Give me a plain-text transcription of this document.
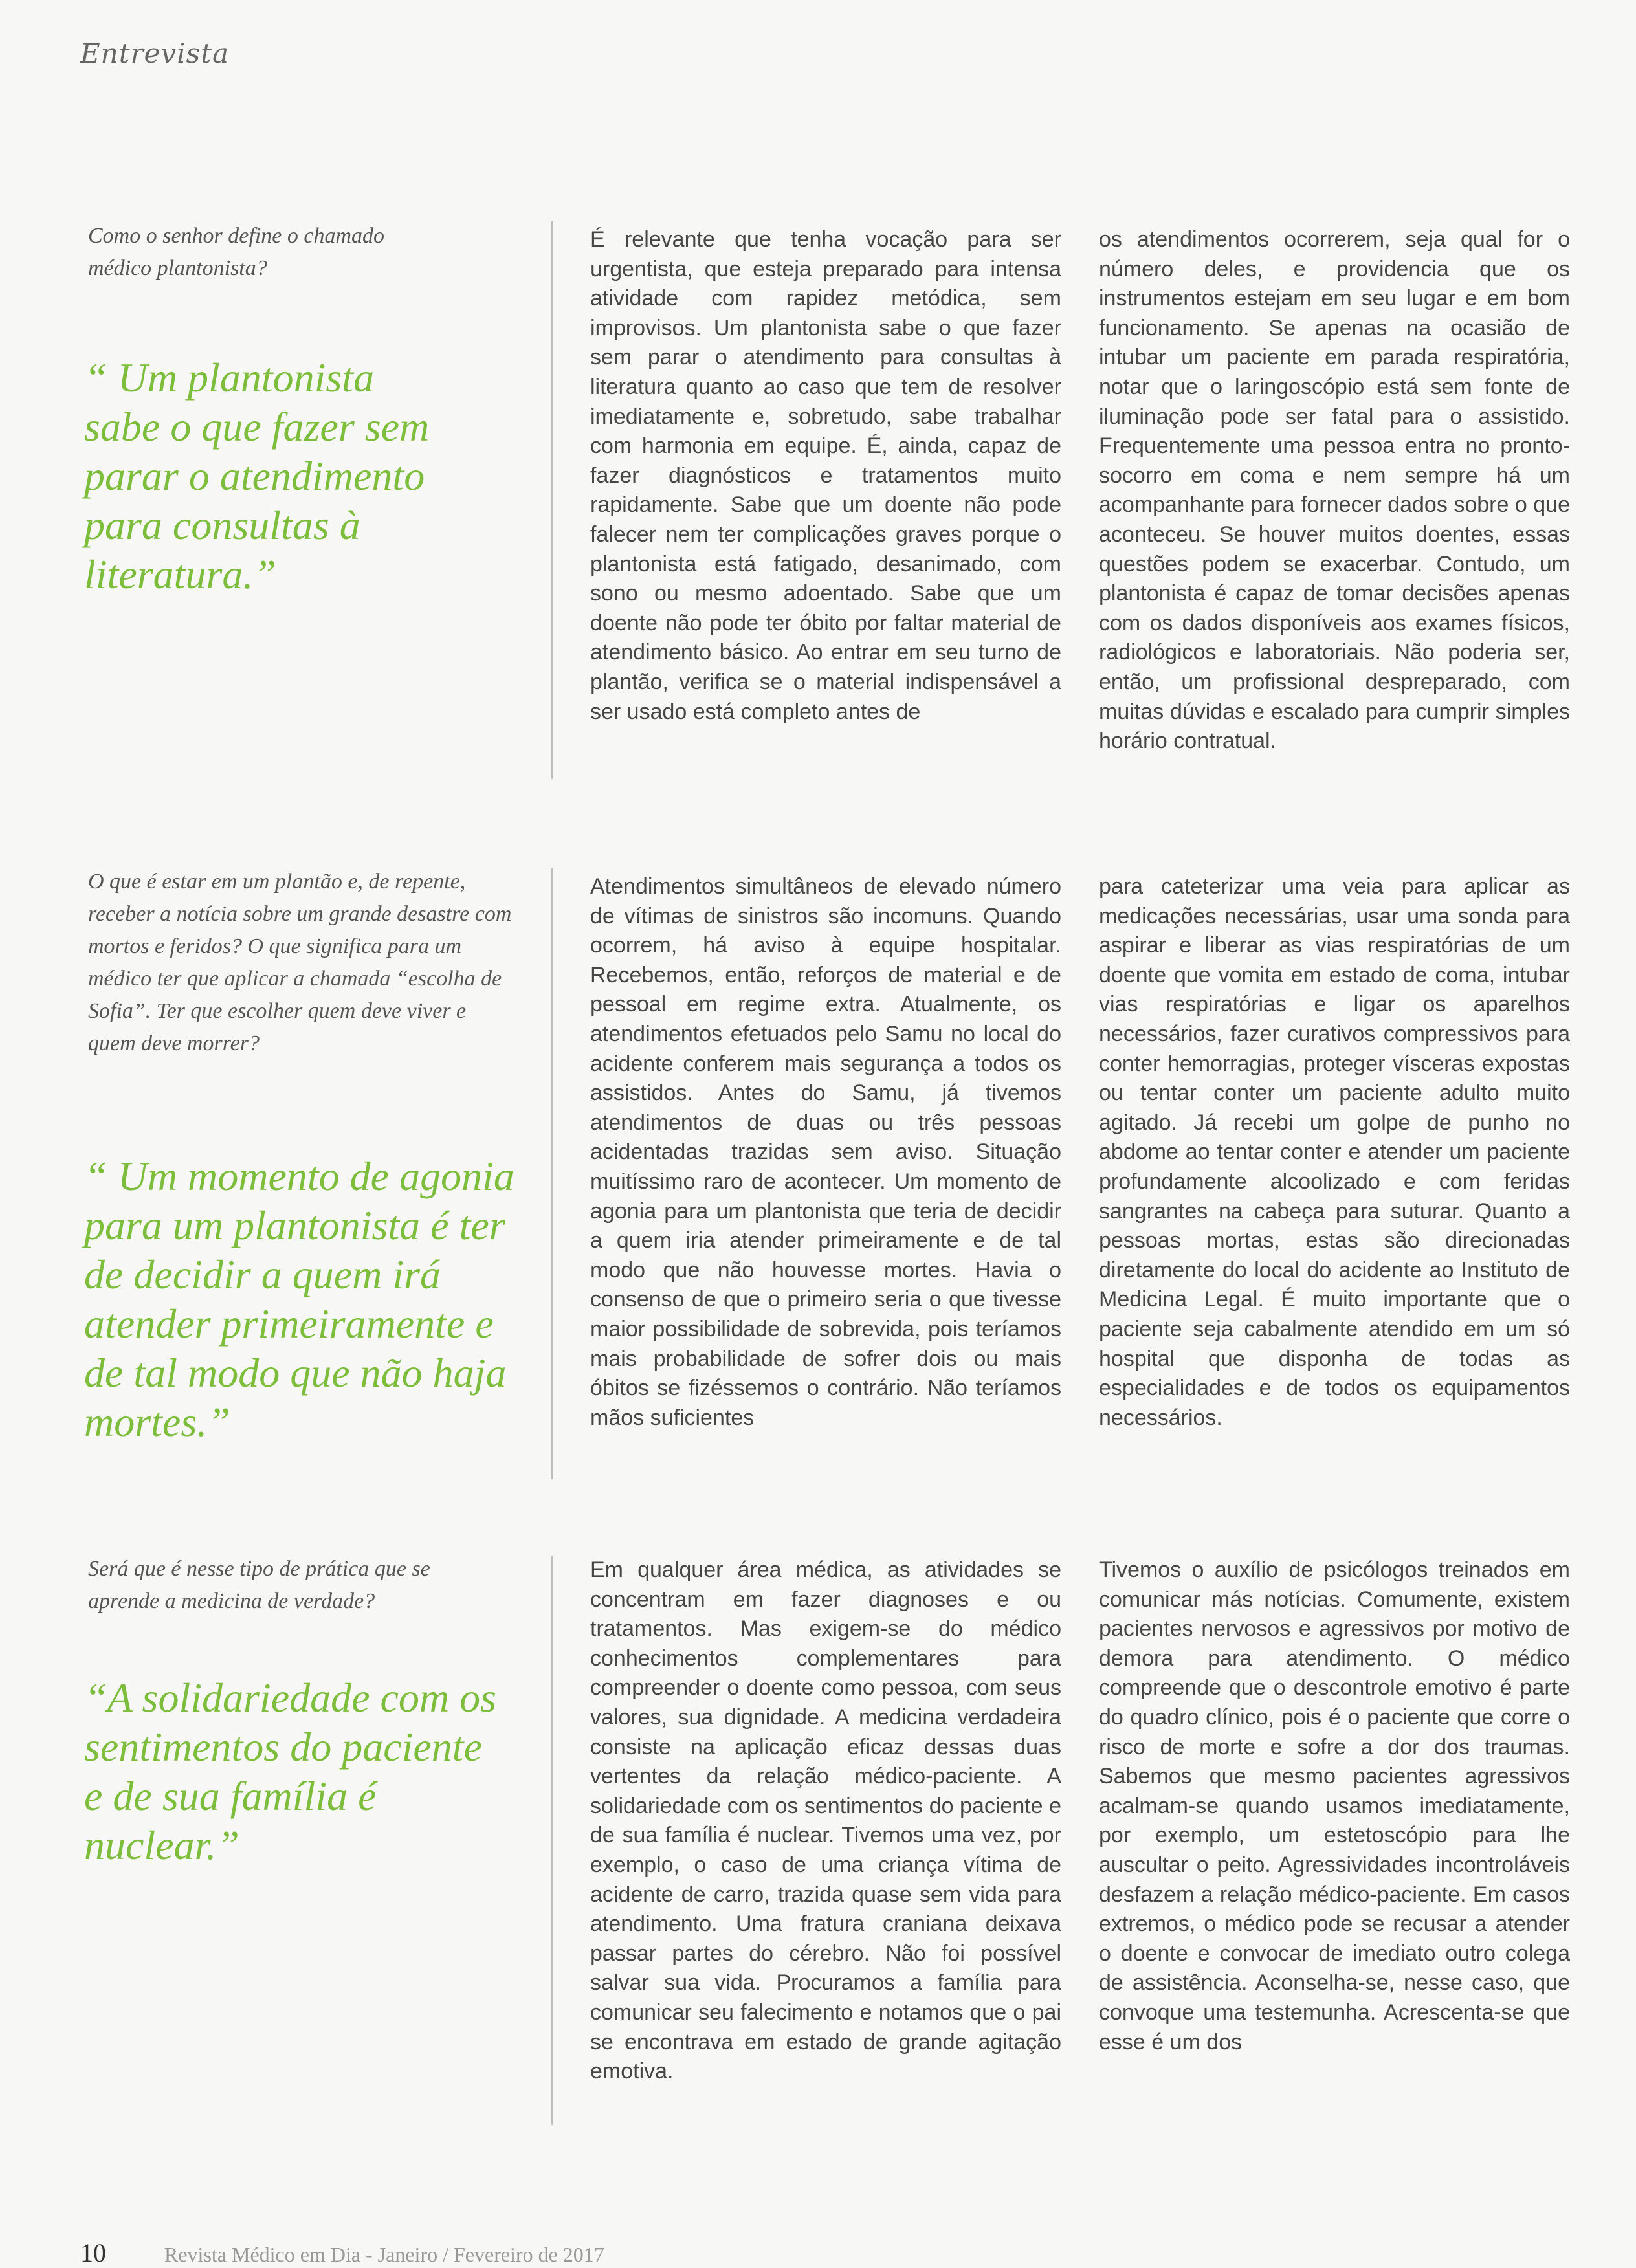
Entrevista
Como o senhor define o chamado médico plantonista?
“ Um plantonista sabe o que fazer sem parar o atendimento para consultas à literatura.”
É relevante que tenha vocação para ser urgentista, que esteja preparado para intensa atividade com rapidez metódica, sem improvisos. Um plantonista sabe o que fazer sem parar o atendimento para consultas à literatura quanto ao caso que tem de resolver imediatamente e, sobretudo, sabe trabalhar com harmonia em equipe. É, ainda, capaz de fazer diagnósticos e tratamentos muito rapidamente. Sabe que um doente não pode falecer nem ter complicações graves porque o plantonista está fatigado, desanimado, com sono ou mesmo adoentado. Sabe que um doente não pode ter óbito por faltar material de atendimento básico. Ao entrar em seu turno de plantão, verifica se o material indispensável a ser usado está completo antes de
os atendimentos ocorrerem, seja qual for o número deles, e providencia que os instrumentos estejam em seu lugar e em bom funcionamento. Se apenas na ocasião de intubar um paciente em parada respiratória, notar que o laringoscópio está sem fonte de iluminação pode ser fatal para o assistido. Frequentemente uma pessoa entra no pronto-socorro em coma e nem sempre há um acompanhante para fornecer dados sobre o que aconteceu. Se houver muitos doentes, essas questões podem se exacerbar. Contudo, um plantonista é capaz de tomar decisões apenas com os dados disponíveis aos exames físicos, radiológicos e laboratoriais. Não poderia ser, então, um profissional despreparado, com muitas dúvidas e escalado para cumprir simples horário contratual.
O que é estar em um plantão e, de repente, receber a notícia sobre um grande desastre com mortos e feridos? O que significa para um médico ter que aplicar a chamada “escolha de Sofia”. Ter que escolher quem deve viver e quem deve morrer?
“ Um momento de agonia para um plantonista é ter de decidir a quem irá atender primeiramente e de tal modo que não haja mortes.”
Atendimentos simultâneos de elevado número de vítimas de sinistros são incomuns. Quando ocorrem, há aviso à equipe hospitalar. Recebemos, então, reforços de material e de pessoal em regime extra. Atualmente, os atendimentos efetuados pelo Samu no local do acidente conferem mais segurança a todos os assistidos. Antes do Samu, já tivemos atendimentos de duas ou três pessoas acidentadas trazidas sem aviso. Situação muitíssimo raro de acontecer. Um momento de agonia para um plantonista que teria de decidir a quem iria atender primeiramente e de tal modo que não houvesse mortes. Havia o consenso de que o primeiro seria o que tivesse maior possibilidade de sobrevida, pois teríamos mais probabilidade de sofrer dois ou mais óbitos se fizéssemos o contrário. Não teríamos mãos suficientes
para cateterizar uma veia para aplicar as medicações necessárias, usar uma sonda para aspirar e liberar as vias respiratórias de um doente que vomita em estado de coma, intubar vias respiratórias e ligar os aparelhos necessários, fazer curativos compressivos para conter hemorragias, proteger vísceras expostas ou tentar conter um paciente adulto muito agitado. Já recebi um golpe de punho no abdome ao tentar conter e atender um paciente profundamente alcoolizado e com feridas sangrantes na cabeça para suturar. Quanto a pessoas mortas, estas são direcionadas diretamente do local do acidente ao Instituto de Medicina Legal. É muito importante que o paciente seja cabalmente atendido em um só hospital que disponha de todas as especialidades e de todos os equipamentos necessários.
Será que é nesse tipo de prática que se aprende a medicina de verdade?
“A solidariedade com os sentimentos do paciente e de sua família é nuclear.”
Em qualquer área médica, as atividades se concentram em fazer diagnoses e ou tratamentos. Mas exigem-se do médico conhecimentos complementares para compreender o doente como pessoa, com seus valores, sua dignidade. A medicina verdadeira consiste na aplicação eficaz dessas duas vertentes da relação médico-paciente. A solidariedade com os sentimentos do paciente e de sua família é nuclear. Tivemos uma vez, por exemplo, o caso de uma criança vítima de acidente de carro, trazida quase sem vida para atendimento. Uma fratura craniana deixava passar partes do cérebro. Não foi possível salvar sua vida. Procuramos a família para comunicar seu falecimento e notamos que o pai se encontrava em estado de grande agitação emotiva.
Tivemos o auxílio de psicólogos treinados em comunicar más notícias. Comumente, existem pacientes nervosos e agressivos por motivo de demora para atendimento. O médico compreende que o descontrole emotivo é parte do quadro clínico, pois é o paciente que corre o risco de morte e sofre a dor dos traumas. Sabemos que mesmo pacientes agressivos acalmam-se quando usamos imediatamente, por exemplo, um estetoscópio para lhe auscultar o peito. Agressividades incontroláveis desfazem a relação médico-paciente. Em casos extremos, o médico pode se recusar a atender o doente e convocar de imediato outro colega de assistência. Aconselha-se, nesse caso, que convoque uma testemunha. Acrescenta-se que esse é um dos
10	Revista Médico em Dia - Janeiro / Fevereiro de 2017
